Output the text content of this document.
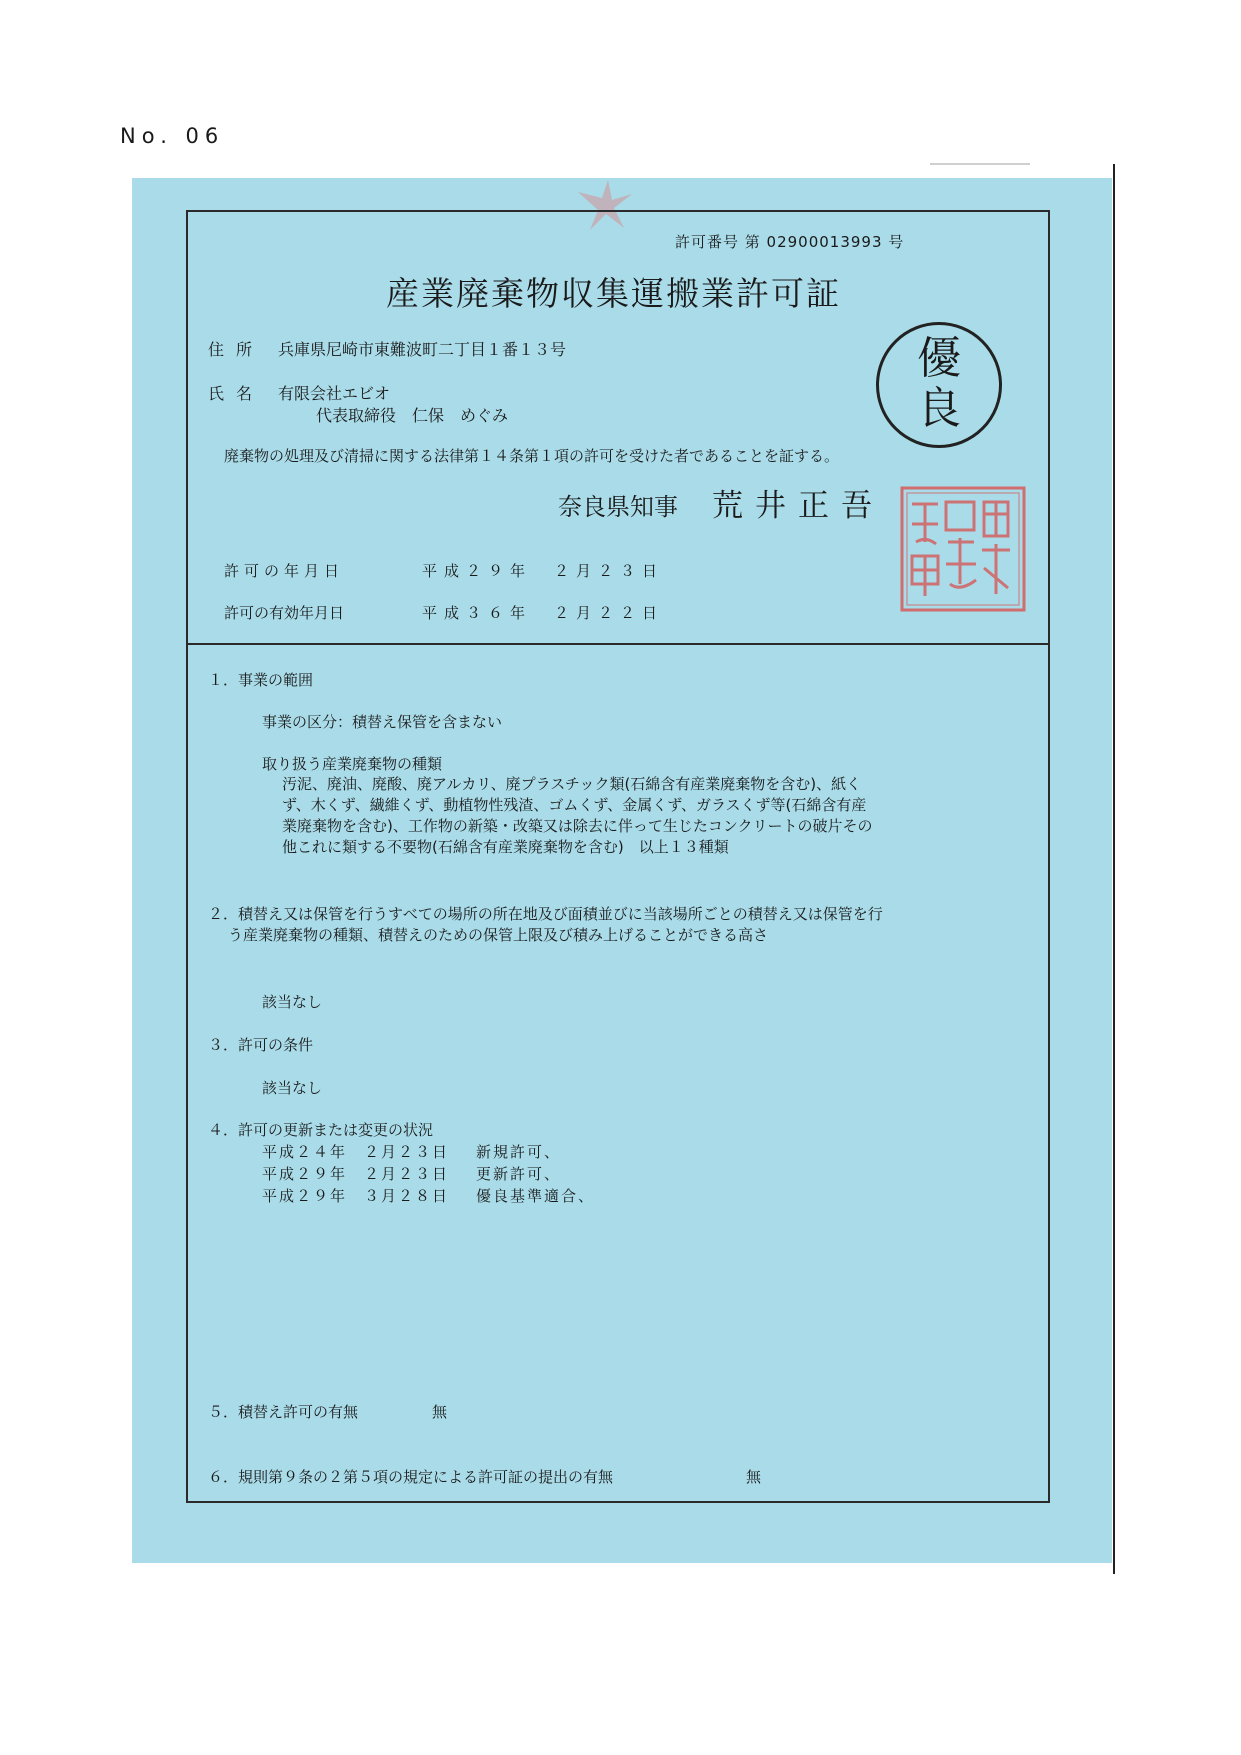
No. 06
許可番号 第 02900013993 号
産業廃棄物収集運搬業許可証
住所 兵庫県尼崎市東難波町二丁目１番１３号
氏名 有限会社エビオ
代表取締役　仁保　めぐみ
優
良
廃棄物の処理及び清掃に関する法律第１４条第１項の許可を受けた者であることを証する。
奈良県知事 荒井正吾
許可の年月日	平成２９年　２月２３日
許可の有効年月日	平成３６年　２月２２日
１．事業の範囲
事業の区分：積替え保管を含まない
取り扱う産業廃棄物の種類
汚泥、廃油、廃酸、廃アルカリ、廃プラスチック類(石綿含有産業廃棄物を含む)、紙く
ず、木くず、繊維くず、動植物性残渣、ゴムくず、金属くず、ガラスくず等(石綿含有産
業廃棄物を含む)、工作物の新築・改築又は除去に伴って生じたコンクリートの破片その
他これに類する不要物(石綿含有産業廃棄物を含む)　以上１３種類
２．積替え又は保管を行うすべての場所の所在地及び面積並びに当該場所ごとの積替え又は保管を行
う産業廃棄物の種類、積替えのための保管上限及び積み上げることができる高さ
該当なし
３．許可の条件
該当なし
４．許可の更新または変更の状況
平成２４年　２月２３日 新規許可、
平成２９年　２月２３日 更新許可、
平成２９年　３月２８日 優良基準適合、
５．積替え許可の有無	無
６．規則第９条の２第５項の規定による許可証の提出の有無	無
